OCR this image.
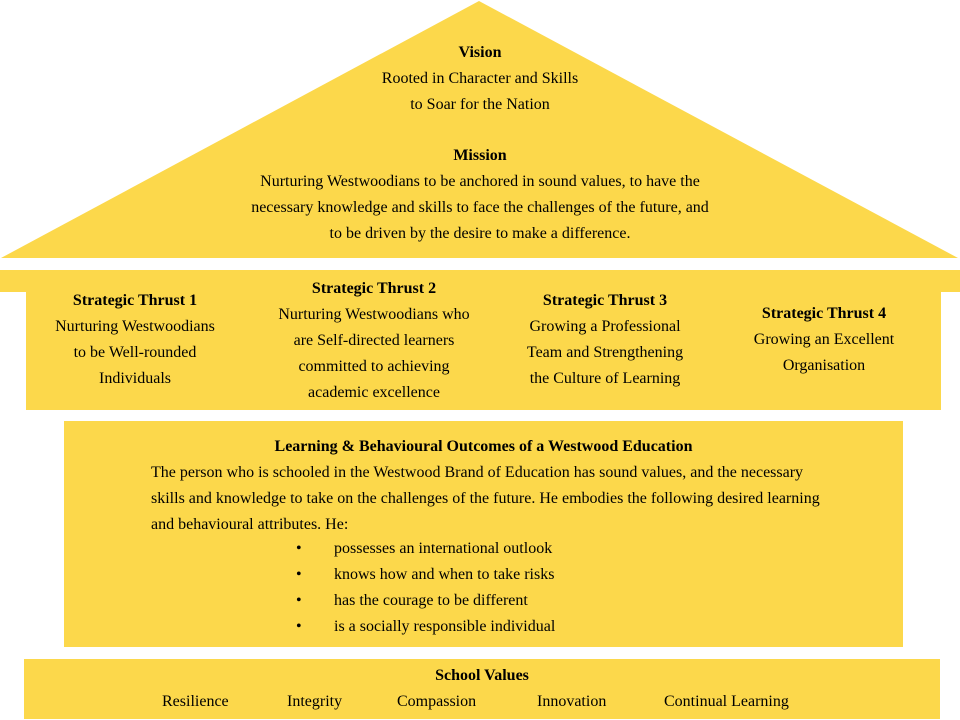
Vision
Rooted in Character and Skills
to Soar for the Nation
Mission
Nurturing Westwoodians to be anchored in sound values, to have the
necessary knowledge and skills to face the challenges of the future, and
to be driven by the desire to make a difference.
Strategic Thrust 1
Nurturing Westwoodians
to be Well-rounded
Individuals
Strategic Thrust 2
Nurturing Westwoodians who
are Self-directed learners
committed to achieving
academic excellence
Strategic Thrust 3
Growing a Professional
Team and Strengthening
the Culture of Learning
Strategic Thrust 4
Growing an Excellent
Organisation
Learning & Behavioural Outcomes of a Westwood Education
The person who is schooled in the Westwood Brand of Education has sound values, and the necessary skills and knowledge to take on the challenges of the future. He embodies the following desired learning and behavioural attributes. He:
• possesses an international outlook
• knows how and when to take risks
• has the courage to be different
• is a socially responsible individual
School Values
Resilience	Integrity	Compassion	Innovation	Continual Learning
